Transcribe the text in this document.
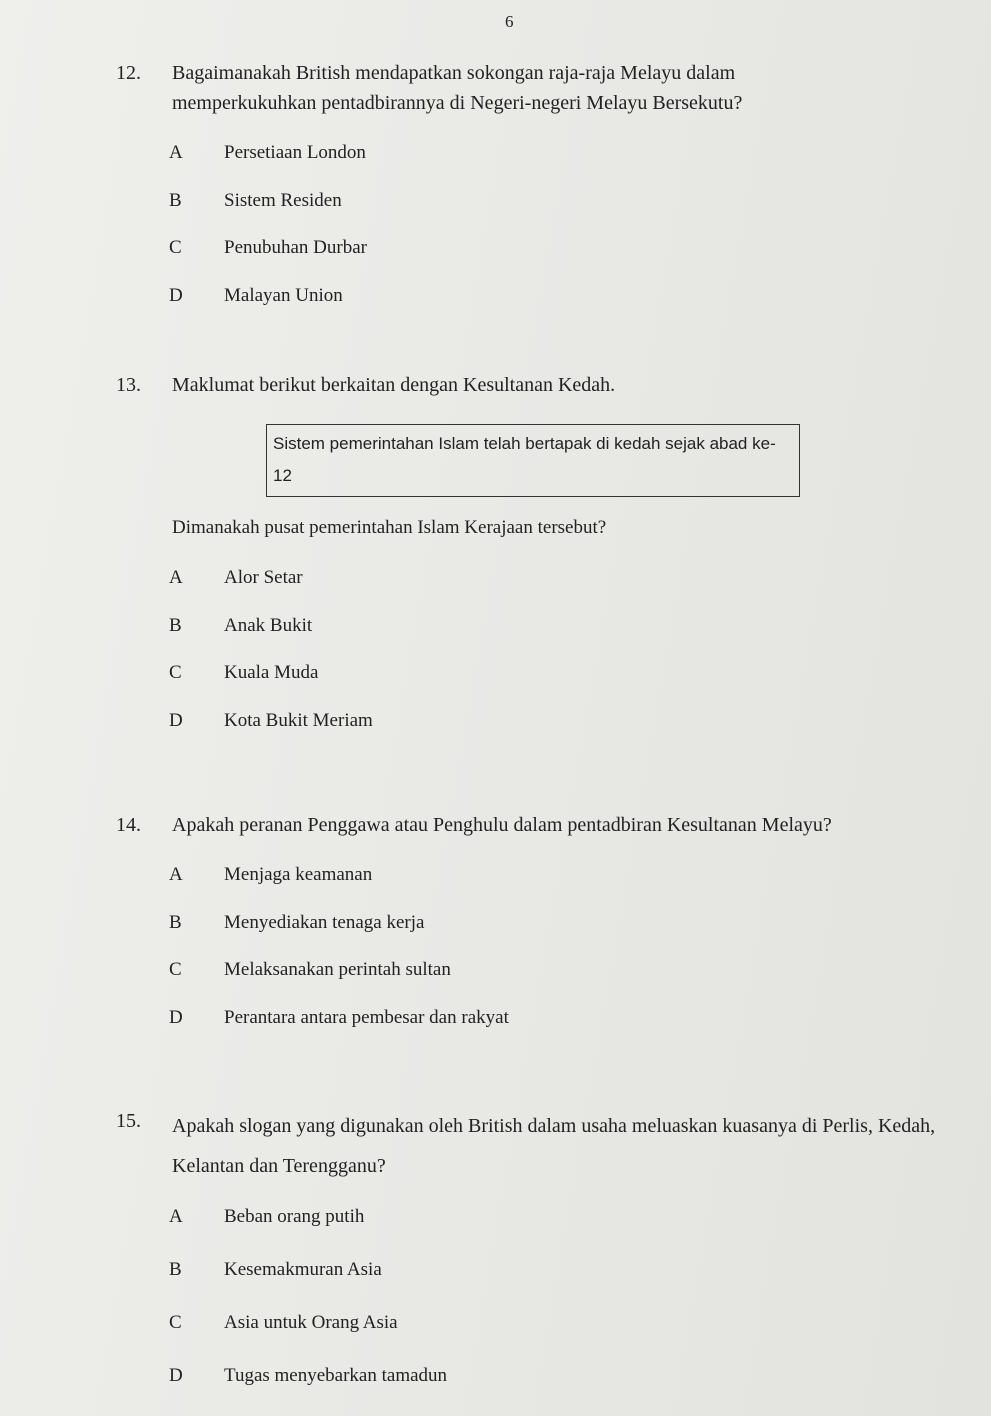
6
12.	Bagaimanakah British mendapatkan sokongan raja-raja Melayu dalam memperkukuhkan pentadbirannya di Negeri-negeri Melayu Bersekutu?
A	Persetiaan London
B	Sistem Residen
C	Penubuhan Durbar
D	Malayan Union
13.	Maklumat berikut berkaitan dengan Kesultanan Kedah.
Sistem pemerintahan Islam telah bertapak di kedah sejak abad ke-12
Dimanakah pusat pemerintahan Islam Kerajaan tersebut?
A	Alor Setar
B	Anak Bukit
C	Kuala Muda
D	Kota Bukit Meriam
14.	Apakah peranan Penggawa atau Penghulu dalam pentadbiran Kesultanan Melayu?
A	Menjaga keamanan
B	Menyediakan tenaga kerja
C	Melaksanakan perintah sultan
D	Perantara antara pembesar dan rakyat
15.	Apakah slogan yang digunakan oleh British dalam usaha meluaskan kuasanya di Perlis, Kedah, Kelantan dan Terengganu?
A	Beban orang putih
B	Kesemakmuran Asia
C	Asia untuk Orang Asia
D	Tugas menyebarkan tamadun
